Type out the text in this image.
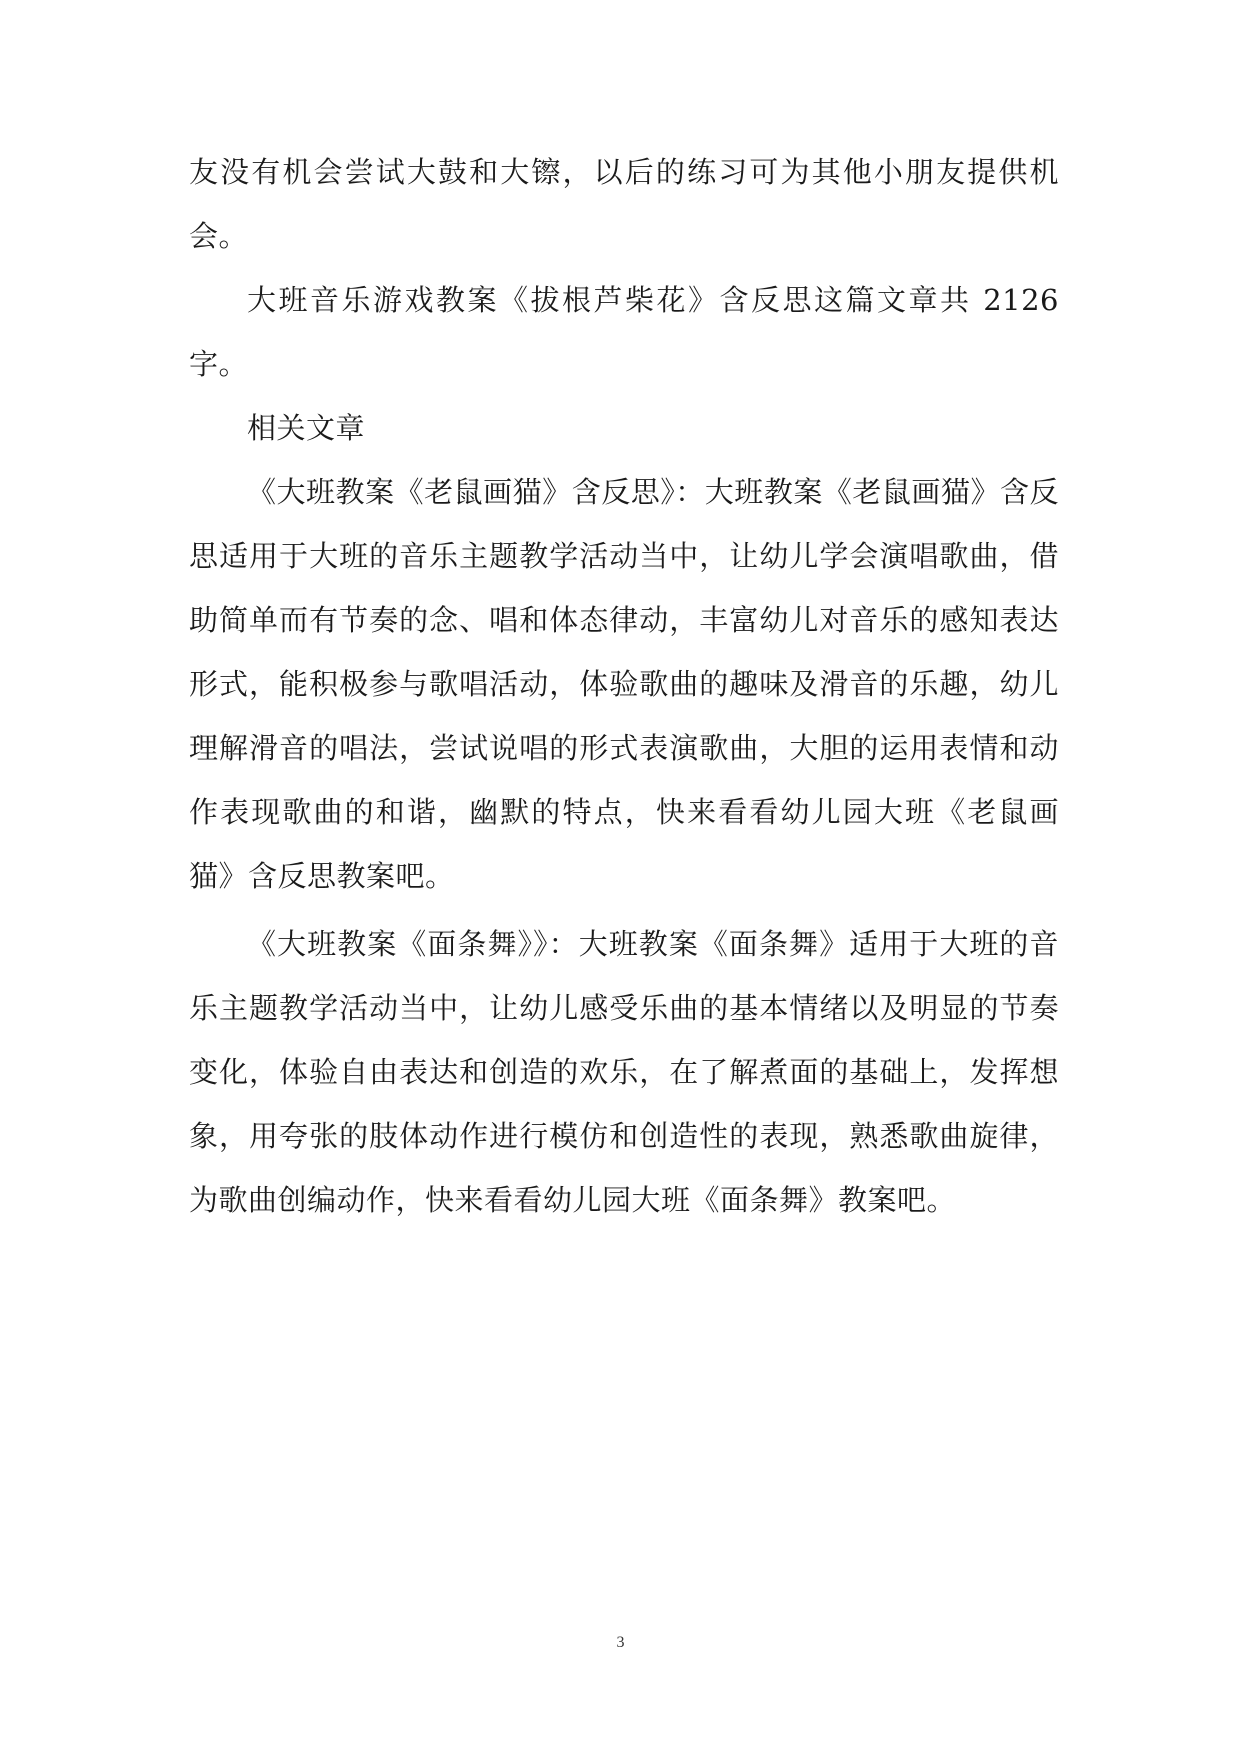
友没有机会尝试大鼓和大镲，以后的练习可为其他小朋友提供机会。

大班音乐游戏教案《拔根芦柴花》含反思这篇文章共 2126 字。

相关文章

《大班教案《老鼠画猫》含反思》：大班教案《老鼠画猫》含反思适用于大班的音乐主题教学活动当中，让幼儿学会演唱歌曲，借助简单而有节奏的念、唱和体态律动，丰富幼儿对音乐的感知表达形式，能积极参与歌唱活动，体验歌曲的趣味及滑音的乐趣，幼儿理解滑音的唱法，尝试说唱的形式表演歌曲，大胆的运用表情和动作表现歌曲的和谐，幽默的特点，快来看看幼儿园大班《老鼠画猫》含反思教案吧。

《大班教案《面条舞》》：大班教案《面条舞》适用于大班的音乐主题教学活动当中，让幼儿感受乐曲的基本情绪以及明显的节奏变化，体验自由表达和创造的欢乐，在了解煮面的基础上，发挥想象，用夸张的肢体动作进行模仿和创造性的表现，熟悉歌曲旋律，为歌曲创编动作，快来看看幼儿园大班《面条舞》教案吧。

3
